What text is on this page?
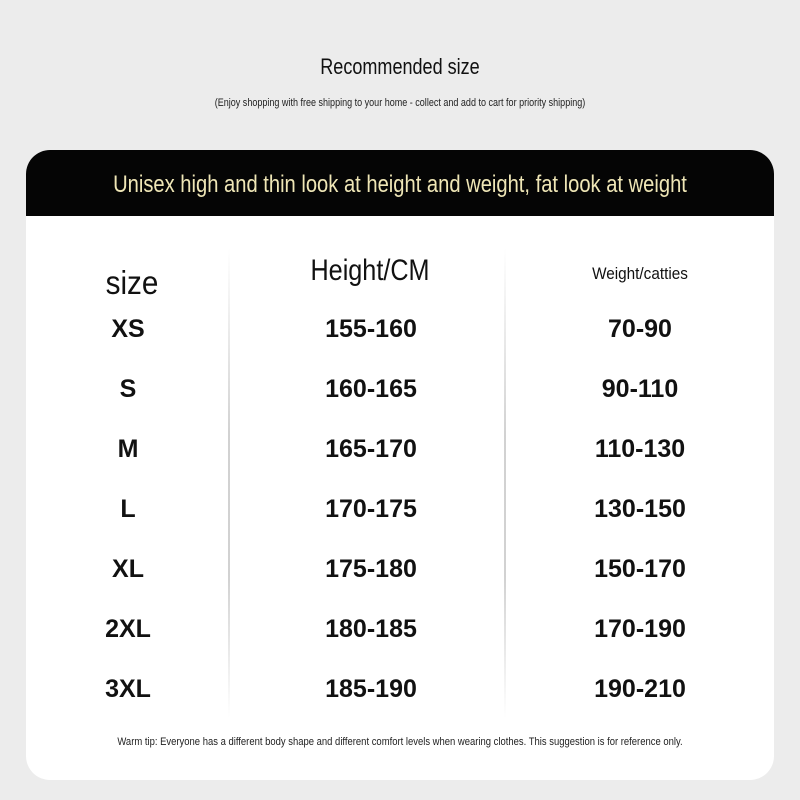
Recommended size
(Enjoy shopping with free shipping to your home - collect and add to cart for priority shipping)
Unisex high and thin look at height and weight, fat look at weight
size	Height/CM	Weight/catties
XS	155-160	70-90
S	160-165	90-110
M	165-170	110-130
L	170-175	130-150
XL	175-180	150-170
2XL	180-185	170-190
3XL	185-190	190-210
Warm tip: Everyone has a different body shape and different comfort levels when wearing clothes. This suggestion is for reference only.
